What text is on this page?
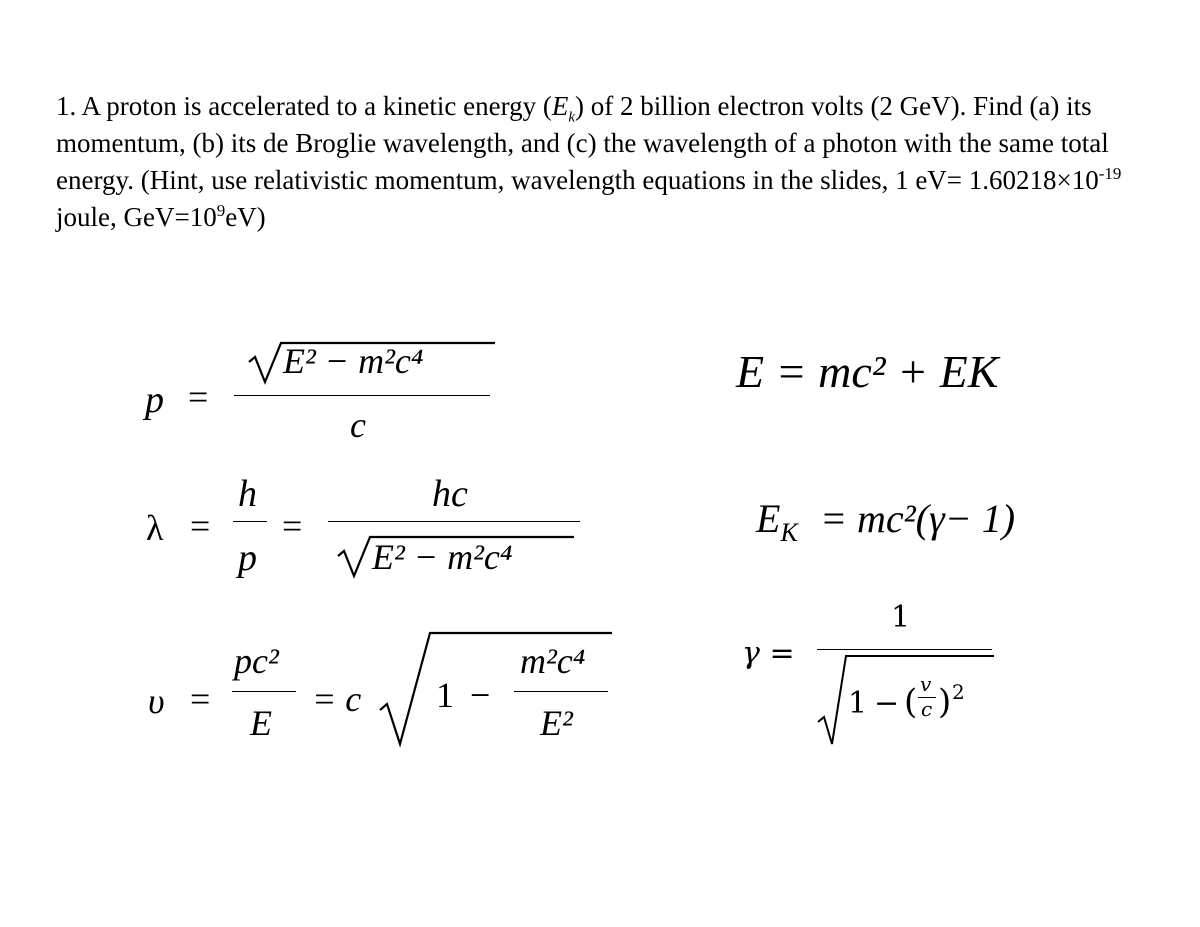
1. A proton is accelerated to a kinetic energy $(E_k)$ of 2 billion electron volts (2 GeV). Find (a) its momentum, (b) its de Broglie wavelength, and (c) the wavelength of a photon with the same total energy. (Hint, use relativistic momentum, wavelength equations in the slides, 1 $eV= 1.60218\times 10^{-19}$ joule, $GeV=10^9eV$)

p =
E² − m²c⁴
c
λ =
h
p
=
hc
E² − m²c⁴
υ =
pc²
E
= c 1 −
m²c⁴
E²
E = mc² + EK
$E_K = mc^2(\gamma- 1)$
γ =
1
1 − ( v
c ) 2
